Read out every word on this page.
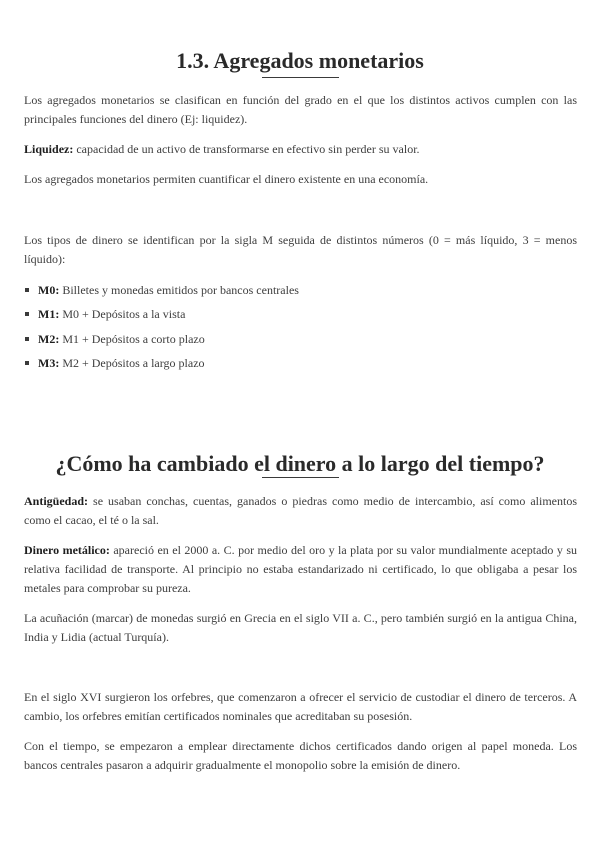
1.3. Agregados monetarios

Los agregados monetarios se clasifican en función del grado en el que los distintos activos cumplen con las principales funciones del dinero (Ej: liquidez).

Liquidez: capacidad de un activo de transformarse en efectivo sin perder su valor.

Los agregados monetarios permiten cuantificar el dinero existente en una economía.

Los tipos de dinero se identifican por la sigla M seguida de distintos números (0 = más líquido, 3 = menos líquido):

M0: Billetes y monedas emitidos por bancos centrales
M1: M0 + Depósitos a la vista
M2: M1 + Depósitos a corto plazo
M3: M2 + Depósitos a largo plazo
¿Cómo ha cambiado el dinero a lo largo del tiempo?

Antigüedad: se usaban conchas, cuentas, ganados o piedras como medio de intercambio, así como alimentos como el cacao, el té o la sal.

Dinero metálico: apareció en el 2000 a. C. por medio del oro y la plata por su valor mundialmente aceptado y su relativa facilidad de transporte. Al principio no estaba estandarizado ni certificado, lo que obligaba a pesar los metales para comprobar su pureza.

La acuñación (marcar) de monedas surgió en Grecia en el siglo VII a. C., pero también surgió en la antigua China, India y Lidia (actual Turquía).

En el siglo XVI surgieron los orfebres, que comenzaron a ofrecer el servicio de custodiar el dinero de terceros. A cambio, los orfebres emitían certificados nominales que acreditaban su posesión.

Con el tiempo, se empezaron a emplear directamente dichos certificados dando origen al papel moneda. Los bancos centrales pasaron a adquirir gradualmente el monopolio sobre la emisión de dinero.
